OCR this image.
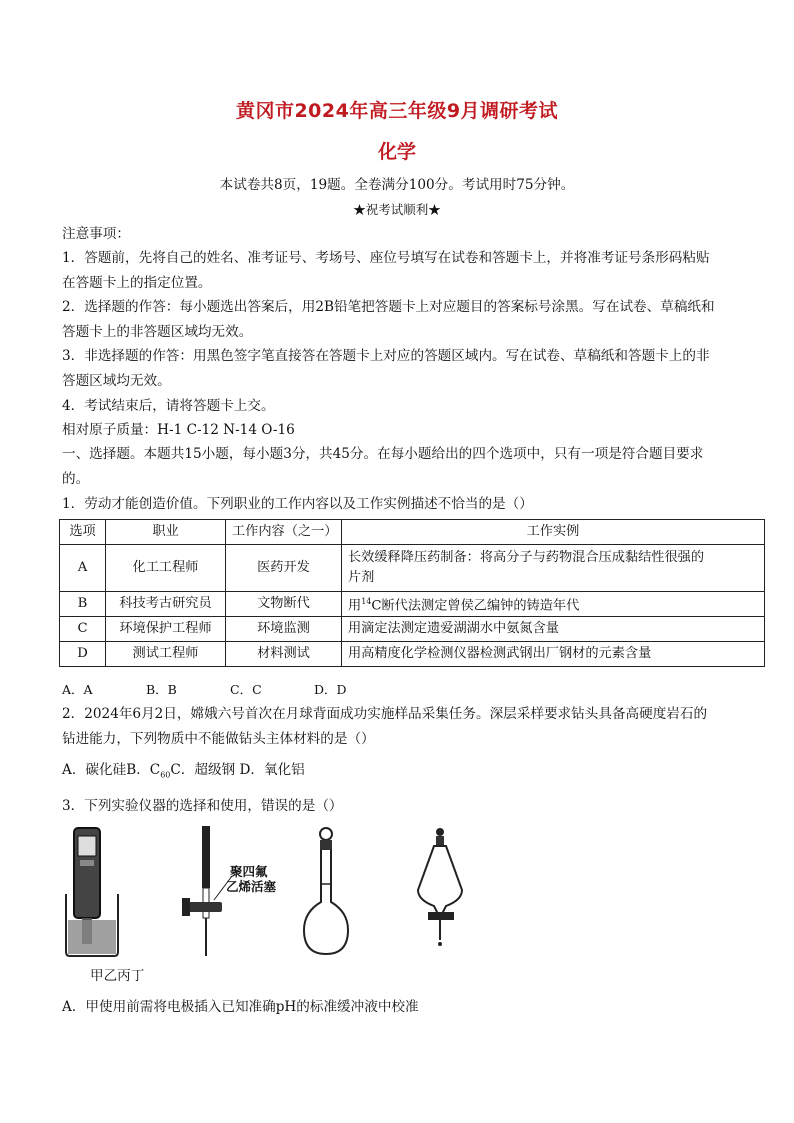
黄冈市2024年高三年级9月调研考试
化学
本试卷共8页，19题。全卷满分100分。考试用时75分钟。
★祝考试顺利★
注意事项：
1．答题前，先将自己的姓名、准考证号、考场号、座位号填写在试卷和答题卡上，并将准考证号条形码粘贴
在答题卡上的指定位置。
2．选择题的作答：每小题选出答案后，用2B铅笔把答题卡上对应题目的答案标号涂黑。写在试卷、草稿纸和
答题卡上的非答题区域均无效。
3．非选择题的作答：用黑色签字笔直接答在答题卡上对应的答题区域内。写在试卷、草稿纸和答题卡上的非
答题区域均无效。
4．考试结束后，请将答题卡上交。
相对原子质量：H-1 C-12 N-14 O-16
一、选择题。本题共15小题，每小题3分，共45分。在每小题给出的四个选项中，只有一项是符合题目要求
的。
1．劳动才能创造价值。下列职业的工作内容以及工作实例描述不恰当的是（）
选项	职业	工作内容（之一）	工作实例
A	化工工程师	医药开发	长效缓释降压药制备：将高分子与药物混合压成黏结性很强的
片剂

B	科技考古研究员	文物断代	用$^{14}$C断代法测定曾侯乙编钟的铸造年代
C	环境保护工程师	环境监测	用滴定法测定遗爱湖湖水中氨氮含量
D	测试工程师	材料测试	用高精度化学检测仪器检测武钢出厂钢材的元素含量
A．A	B．B	C．C	D．D
2．2024年6月2日，嫦娥六号首次在月球背面成功实施样品采集任务。深层采样要求钻头具备高硬度岩石的
钻进能力，下列物质中不能做钻头主体材料的是（）
A．碳化硅B．$C_{60}C$．超级钢 D．氧化铝
3．下列实验仪器的选择和使用，错误的是（）
聚四氟
乙烯活塞
甲乙丙丁
A．甲使用前需将电极插入已知准确pH的标准缓冲液中校准
